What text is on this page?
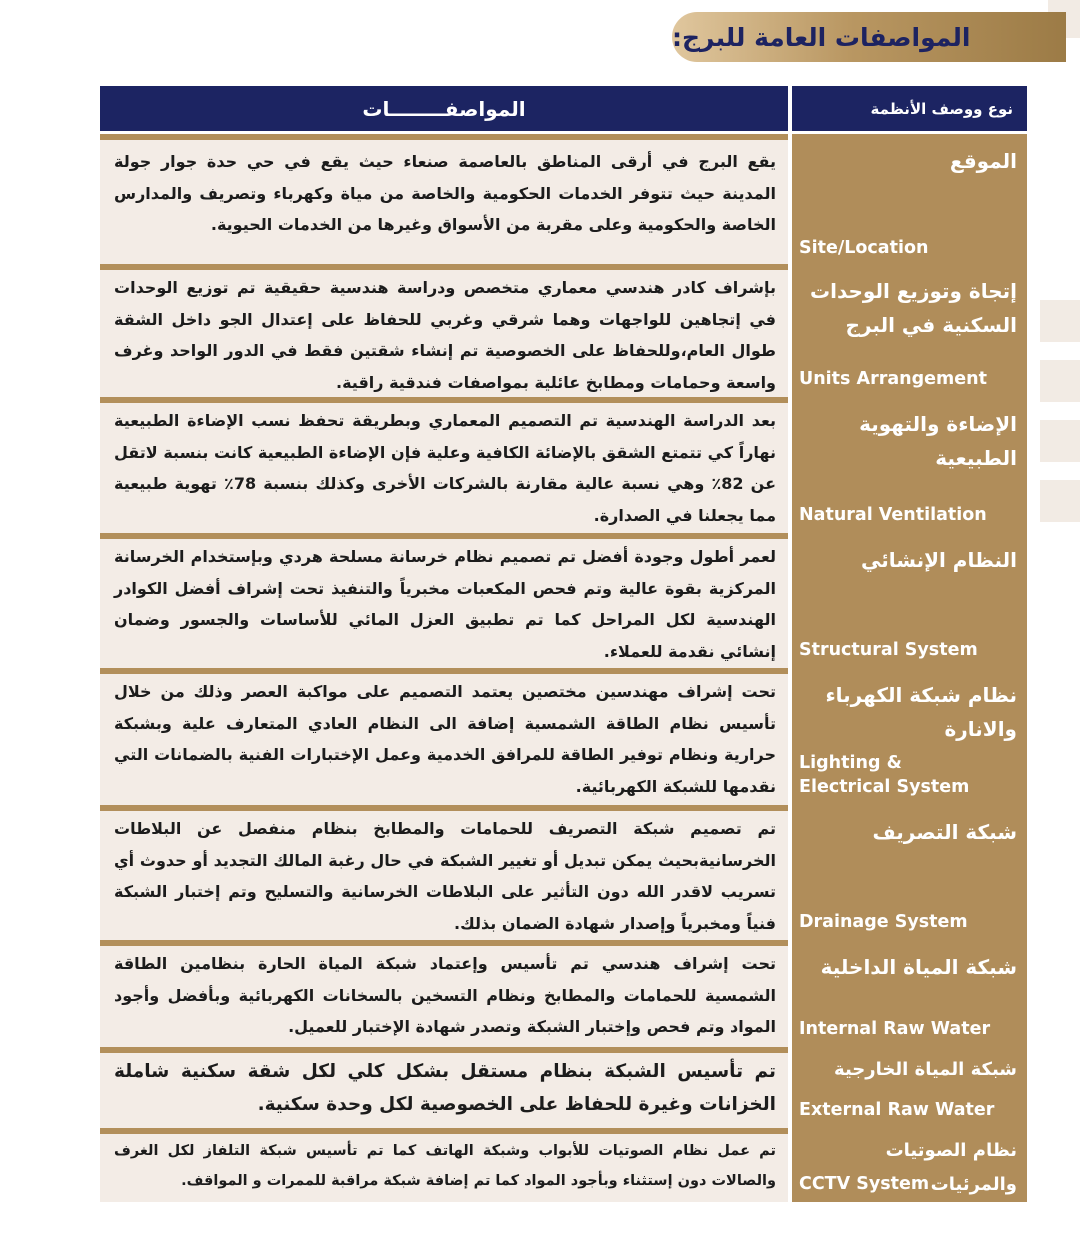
المواصفات العامة للبرج:
المواصفــــــــات	نوع ووصف الأنظمة
يقع البرج في أرقى المناطق بالعاصمة صنعاء حيث يقع في حي حدة جوار جولة المدينة حيث تتوفر الخدمات الحكومية والخاصة من مياة وكهرباء وتصريف والمدارس الخاصة والحكومية وعلى مقربة من الأسواق وغيرها من الخدمات الحيوية.
الموقع
Site/Location
بإشراف كادر هندسي معماري متخصص ودراسة هندسية حقيقية تم توزيع الوحدات في إتجاهين للواجهات وهما شرقي وغربي للحفاظ على إعتدال الجو داخل الشقة طوال العام،وللحفاظ على الخصوصية تم إنشاء شقتين فقط في الدور الواحد وغرف واسعة وحمامات ومطابخ عائلية بمواصفات فندقية راقية.
إتجاة وتوزيع الوحدات السكنية في البرج
Units Arrangement
بعد الدراسة الهندسية تم التصميم المعماري وبطريقة تحفظ نسب الإضاءة الطبيعية نهاراً كي تتمتع الشقق بالإضائة الكافية وعلية فإن الإضاءة الطبيعية كانت بنسبة لاتقل عن 82٪ وهي نسبة عالية مقارنة بالشركات الأخرى وكذلك بنسبة 78٪ تهوية طبيعية مما يجعلنا في الصدارة.
الإضاءة والتهوية الطبيعية
Natural Ventilation
لعمر أطول وجودة أفضل تم تصميم نظام خرسانة مسلحة هردي وبإستخدام الخرسانة المركزية بقوة عالية وتم فحص المكعبات مخبرياً والتنفيذ تحت إشراف أفضل الكوادر الهندسية لكل المراحل كما تم تطبيق العزل المائي للأساسات والجسور وضمان إنشائي نقدمة للعملاء.
النظام الإنشائي
Structural System
تحت إشراف مهندسين مختصين يعتمد التصميم على مواكبة العصر وذلك من خلال تأسيس نظام الطاقة الشمسية إضافة الى النظام العادي المتعارف علية وبشبكة حرارية ونظام توفير الطاقة للمرافق الخدمية وعمل الإختبارات الفنية بالضمانات التي نقدمها للشبكة الكهربائية.
نظام شبكة الكهرباء والانارة
Lighting &
Electrical System
تم تصميم شبكة التصريف للحمامات والمطابخ بنظام منفصل عن البلاطات الخرسانيةبحيث يمكن تبديل أو تغيير الشبكة في حال رغبة المالك التجديد أو حدوث أي تسريب لاقدر الله دون التأثير على البلاطات الخرسانية والتسليح وتم إختبار الشبكة فنياً ومخبرياً وإصدار شهادة الضمان بذلك.
شبكة التصريف
Drainage System
تحت إشراف هندسي تم تأسيس وإعتماد شبكة المياة الحارة بنظامين الطاقة الشمسية للحمامات والمطابخ ونظام التسخين بالسخانات الكهربائية وبأفضل وأجود المواد وتم فحص وإختبار الشبكة وتصدر شهادة الإختبار للعميل.
شبكة المياة الداخلية
Internal Raw Water
تم تأسيس الشبكة بنظام مستقل بشكل كلي لكل شقة سكنية شاملة الخزانات وغيرة للحفاظ على الخصوصية لكل وحدة سكنية.
شبكة المياة الخارجية
External Raw Water
تم عمل نظام الصوتيات للأبواب وشبكة الهاتف كما تم تأسيس شبكة التلفاز لكل الغرف والصالات دون إستثناء وبأجود المواد كما تم إضافة شبكة مراقبة للممرات و المواقف.
نظام الصوتيات والمرئيات
CCTV System
